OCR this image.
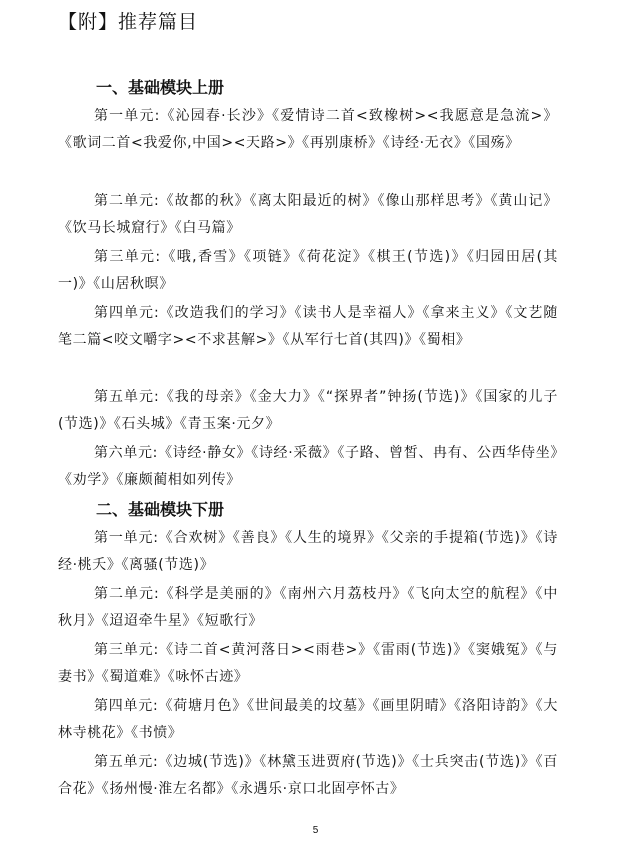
【附】推荐篇目
一、基础模块上册
第一单元:《沁园春·长沙》《爱情诗二首<致橡树><我愿意是急流>》《歌词二首<我爱你,中国><天路>》《再别康桥》《诗经·无衣》《国殇》
第二单元:《故都的秋》《离太阳最近的树》《像山那样思考》《黄山记》《饮马长城窟行》《白马篇》
第三单元:《哦,香雪》《项链》《荷花淀》《棋王(节选)》《归园田居(其一)》《山居秋暝》
第四单元:《改造我们的学习》《读书人是幸福人》《拿来主义》《文艺随笔二篇<咬文嚼字><不求甚解>》《从军行七首(其四)》《蜀相》
第五单元:《我的母亲》《金大力》《“探界者”钟扬(节选)》《国家的儿子(节选)》《石头城》《青玉案·元夕》
第六单元:《诗经·静女》《诗经·采薇》《子路、曾皙、冉有、公西华侍坐》《劝学》《廉颇蔺相如列传》
二、基础模块下册
第一单元:《合欢树》《善良》《人生的境界》《父亲的手提箱(节选)》《诗经·桃夭》《离骚(节选)》
第二单元:《科学是美丽的》《南州六月荔枝丹》《飞向太空的航程》《中秋月》《迢迢牵牛星》《短歌行》
第三单元:《诗二首<黄河落日><雨巷>》《雷雨(节选)》《窦娥冤》《与妻书》《蜀道难》《咏怀古迹》
第四单元:《荷塘月色》《世间最美的坟墓》《画里阴晴》《洛阳诗韵》《大林寺桃花》《书愤》
第五单元:《边城(节选)》《林黛玉进贾府(节选)》《士兵突击(节选)》《百合花》《扬州慢·淮左名都》《永遇乐·京口北固亭怀古》
5
